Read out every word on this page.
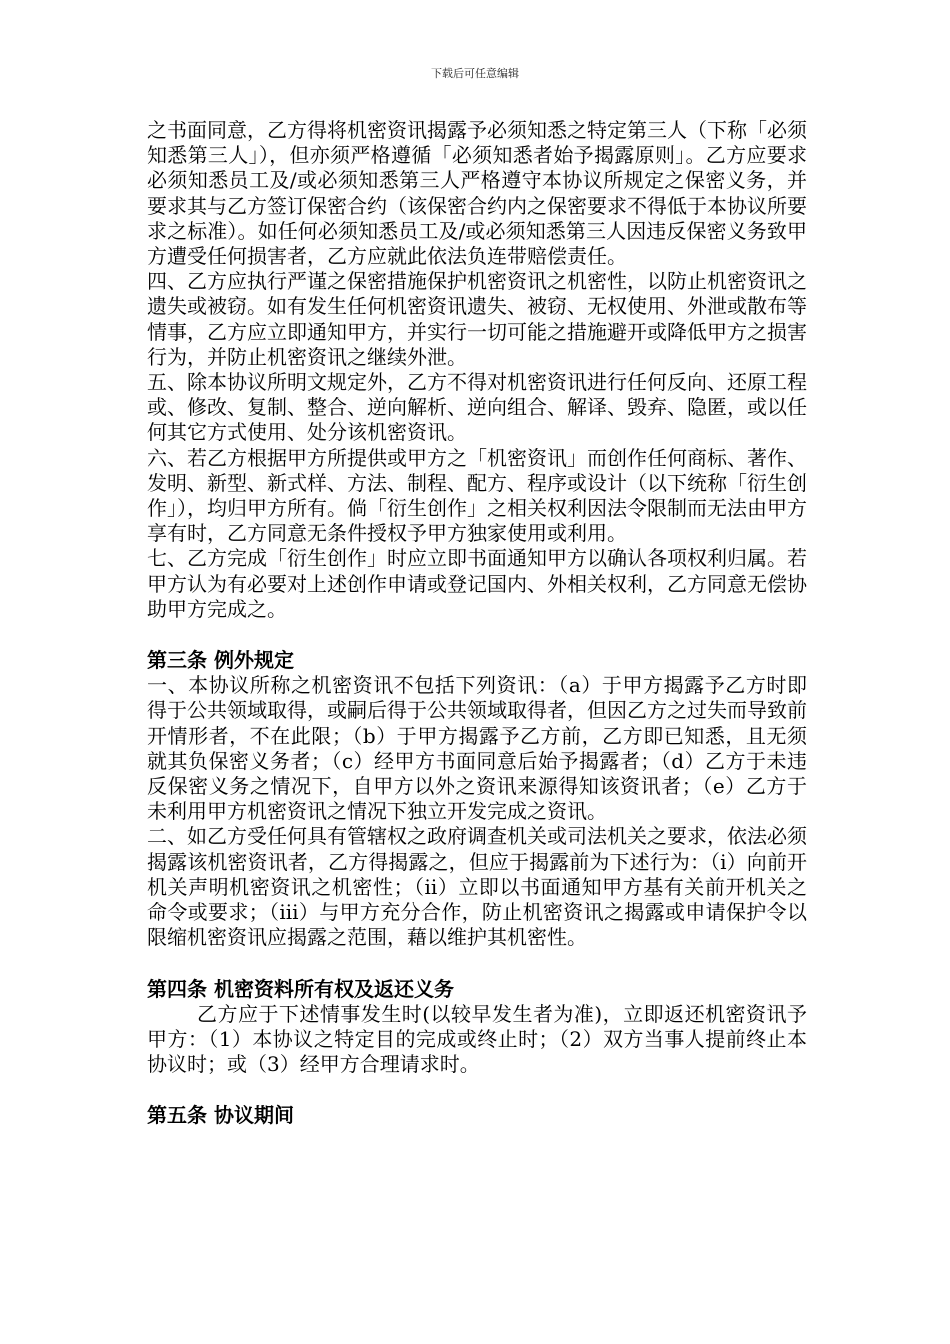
下载后可任意编辑

之书面同意，乙方得将机密资讯揭露予必须知悉之特定第三人（下称「必须知悉第三人」），但亦须严格遵循「必须知悉者始予揭露原则」。乙方应要求必须知悉员工及/或必须知悉第三人严格遵守本协议所规定之保密义务，并要求其与乙方签订保密合约（该保密合约内之保密要求不得低于本协议所要求之标准）。如任何必须知悉员工及/或必须知悉第三人因违反保密义务致甲方遭受任何损害者，乙方应就此依法负连带赔偿责任。

四、乙方应执行严谨之保密措施保护机密资讯之机密性，以防止机密资讯之遗失或被窃。如有发生任何机密资讯遗失、被窃、无权使用、外泄或散布等情事，乙方应立即通知甲方，并实行一切可能之措施避开或降低甲方之损害行为，并防止机密资讯之继续外泄。

五、除本协议所明文规定外，乙方不得对机密资讯进行任何反向、还原工程或、修改、复制、整合、逆向解析、逆向组合、解译、毁弃、隐匿，或以任何其它方式使用、处分该机密资讯。

六、若乙方根据甲方所提供或甲方之「机密资讯」而创作任何商标、著作、发明、新型、新式样、方法、制程、配方、程序或设计（以下统称「衍生创作」），均归甲方所有。倘「衍生创作」之相关权利因法令限制而无法由甲方享有时，乙方同意无条件授权予甲方独家使用或利用。

七、乙方完成「衍生创作」时应立即书面通知甲方以确认各项权利归属。若甲方认为有必要对上述创作申请或登记国内、外相关权利，乙方同意无偿协助甲方完成之。

第三条 例外规定

一、本协议所称之机密资讯不包括下列资讯：（a）于甲方揭露予乙方时即得于公共领域取得，或嗣后得于公共领域取得者，但因乙方之过失而导致前开情形者，不在此限；（b）于甲方揭露予乙方前，乙方即已知悉，且无须就其负保密义务者；（c）经甲方书面同意后始予揭露者；（d）乙方于未违反保密义务之情况下，自甲方以外之资讯来源得知该资讯者；（e）乙方于未利用甲方机密资讯之情况下独立开发完成之资讯。

二、如乙方受任何具有管辖权之政府调查机关或司法机关之要求，依法必须揭露该机密资讯者，乙方得揭露之，但应于揭露前为下述行为：（i）向前开机关声明机密资讯之机密性；（ii）立即以书面通知甲方基有关前开机关之命令或要求；（iii）与甲方充分合作，防止机密资讯之揭露或申请保护令以限缩机密资讯应揭露之范围，藉以维护其机密性。

第四条 机密资料所有权及返还义务

乙方应于下述情事发生时(以较早发生者为准)，立即返还机密资讯予甲方：（1）本协议之特定目的完成或终止时；（2）双方当事人提前终止本协议时；或（3）经甲方合理请求时。

第五条 协议期间
